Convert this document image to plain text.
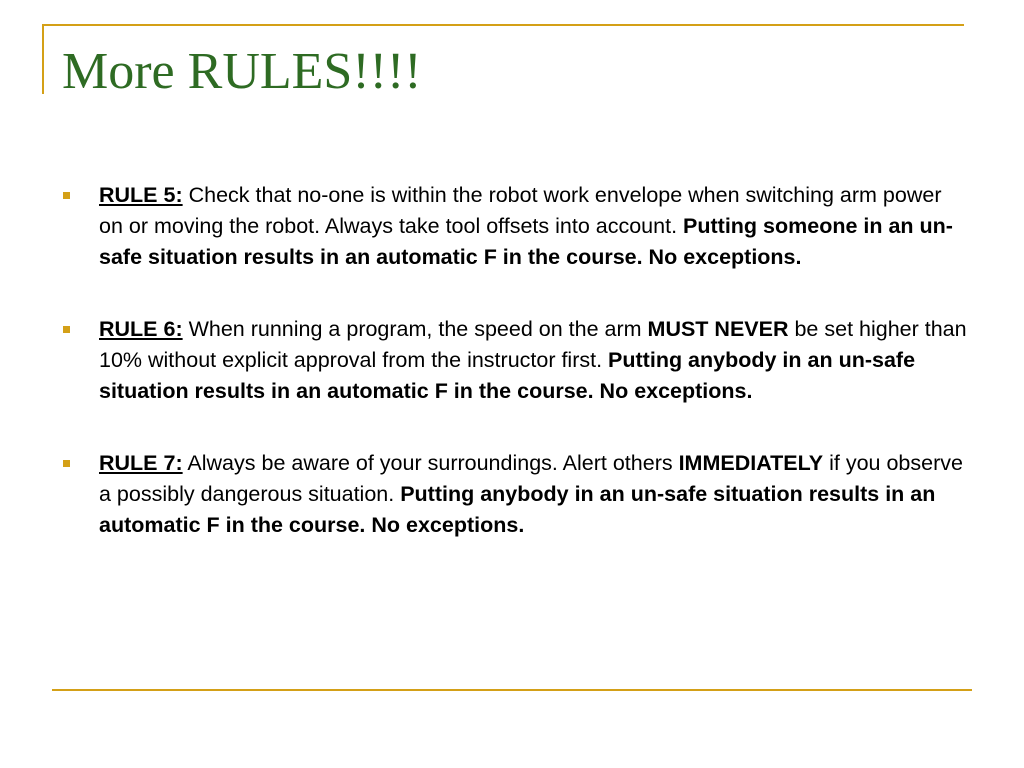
More RULES!!!!
RULE 5: Check that no-one is within the robot work envelope when switching arm power on or moving the robot. Always take tool offsets into account. Putting someone in an un-safe situation results in an automatic F in the course. No exceptions.
RULE 6: When running a program, the speed on the arm MUST NEVER be set higher than 10% without explicit approval from the instructor first. Putting anybody in an un-safe situation results in an automatic F in the course. No exceptions.
RULE 7: Always be aware of your surroundings. Alert others IMMEDIATELY if you observe a possibly dangerous situation. Putting anybody in an un-safe situation results in an automatic F in the course. No exceptions.
